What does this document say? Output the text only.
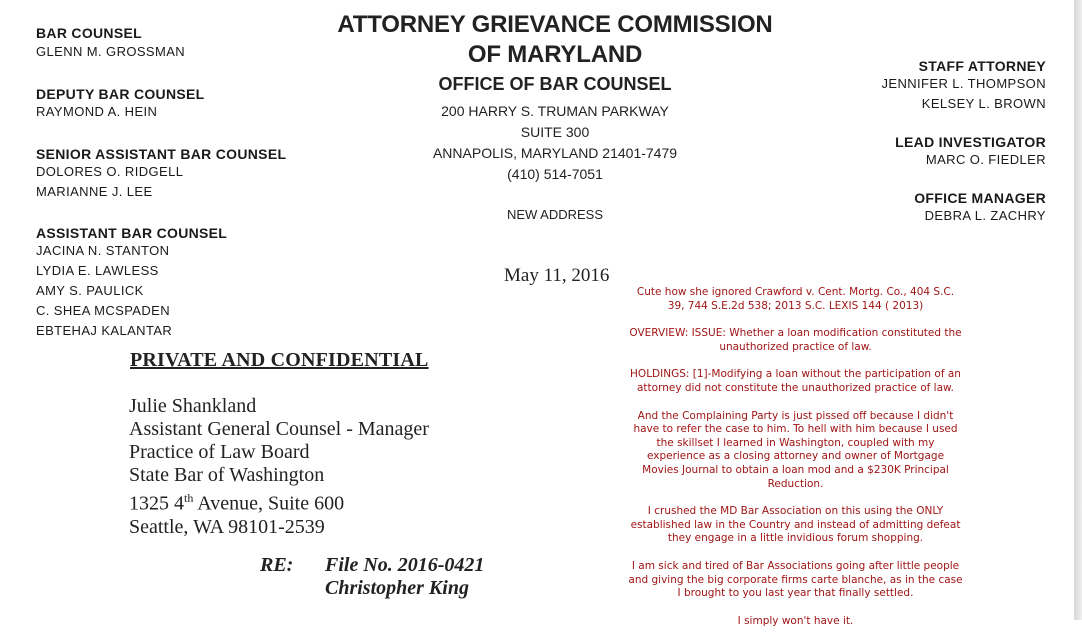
BAR COUNSEL
GLENN M. GROSSMAN
DEPUTY BAR COUNSEL
RAYMOND A. HEIN
SENIOR ASSISTANT BAR COUNSEL
DOLORES O. RIDGELL
MARIANNE J. LEE
ASSISTANT BAR COUNSEL
JACINA N. STANTON
LYDIA E. LAWLESS
AMY S. PAULICK
C. SHEA MCSPADEN
EBTEHAJ KALANTAR
ATTORNEY GRIEVANCE COMMISSION
OF MARYLAND
OFFICE OF BAR COUNSEL
200 HARRY S. TRUMAN PARKWAY
SUITE 300
ANNAPOLIS, MARYLAND 21401-7479
(410) 514-7051
NEW ADDRESS
STAFF ATTORNEY
JENNIFER L. THOMPSON
KELSEY L. BROWN
LEAD INVESTIGATOR
MARC O. FIEDLER
OFFICE MANAGER
DEBRA L. ZACHRY
May 11, 2016
PRIVATE AND CONFIDENTIAL
Julie Shankland
Assistant General Counsel - Manager
Practice of Law Board
State Bar of Washington
1325 4th Avenue, Suite 600
Seattle, WA 98101-2539
RE: File No. 2016-0421
Christopher King

Cute how she ignored Crawford v. Cent. Mortg. Co., 404 S.C. 39, 744 S.E.2d 538; 2013 S.C. LEXIS 144 ( 2013)

OVERVIEW: ISSUE: Whether a loan modification constituted the unauthorized practice of law.

HOLDINGS: [1]-Modifying a loan without the participation of an attorney did not constitute the unauthorized practice of law.

And the Complaining Party is just pissed off because I didn't have to refer the case to him. To hell with him because I used the skillset I learned in Washington, coupled with my experience as a closing attorney and owner of Mortgage Movies Journal to obtain a loan mod and a $230K Principal Reduction.

I crushed the MD Bar Association on this using the ONLY established law in the Country and instead of admitting defeat they engage in a little invidious forum shopping.

I am sick and tired of Bar Associations going after little people and giving the big corporate firms carte blanche, as in the case I brought to you last year that finally settled.

I simply won't have it.
